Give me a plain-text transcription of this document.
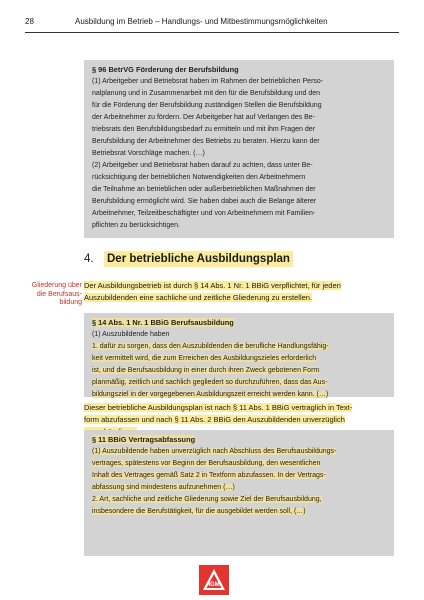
28	Ausbildung im Betrieb – Handlungs- und Mitbestimmungsmöglichkeiten
§ 96 BetrVG Förderung der Berufsbildung
(1) Arbeitgeber und Betriebsrat haben im Rahmen der betrieblichen Perso-
nalplanung und in Zusammenarbeit mit den für die Berufsbildung und den
für die Förderung der Berufsbildung zuständigen Stellen die Berufsbildung
der Arbeitnehmer zu fördern. Der Arbeitgeber hat auf Verlangen des Be-
triebsrats den Berufsbildungsbedarf zu ermitteln und mit ihm Fragen der
Berufsbildung der Arbeitnehmer des Betriebs zu beraten. Hierzu kann der
Betriebsrat Vorschläge machen. (…)
(2) Arbeitgeber und Betriebsrat haben darauf zu achten, dass unter Be-
rücksichtigung der betrieblichen Notwendigkeiten den Arbeitnehmern
die Teilnahme an betrieblichen oder außerbetrieblichen Maßnahmen der
Berufsbildung ermöglicht wird. Sie haben dabei auch die Belange älterer
Arbeitnehmer, Teilzeitbeschäftigter und von Arbeitnehmern mit Familien-
pflichten zu berücksichtigen.
4.	Der betriebliche Ausbildungsplan
Gliederung über
die Berufsaus-
bildung
Der Ausbildungsbetrieb ist durch § 14 Abs. 1 Nr. 1 BBiG verpflichtet, für jeden
Auszubildenden eine sachliche und zeitliche Gliederung zu erstellen.
§ 14 Abs. 1 Nr. 1 BBiG Berufsausbildung
(1) Auszubildende haben
1. dafür zu sorgen, dass den Auszubildenden die berufliche Handlungsfähig-
keit vermittelt wird, die zum Erreichen des Ausbildungszieles erforderlich
ist, und die Berufsausbildung in einer durch ihren Zweck gebotenen Form
planmäßig, zeitlich und sachlich gegliedert so durchzuführen, dass das Aus-
bildungsziel in der vorgegebenen Ausbildungszeit erreicht werden kann. (…)
Dieser betriebliche Ausbildungsplan ist nach § 11 Abs. 1 BBiG vertraglich in Text-
form abzufassen und nach § 11 Abs. 2 BBiG den Auszubildenden unverzüglich
§ 11 BBiG Vertragsabfassung
(1) Auszubildende haben unverzüglich nach Abschluss des Berufsausbildungs-
vertrages, spätestens vor Beginn der Berufsausbildung, den wesentlichen
Inhalt des Vertrages gemäß Satz 2 in Textform abzufassen. In der Vertrags-
abfassung sind mindestens aufzunehmen (…)
2. Art, sachliche und zeitliche Gliederung sowie Ziel der Berufsausbildung,
insbesondere die Berufstätigkeit, für die ausgebildet werden soll, (…)
IGM
